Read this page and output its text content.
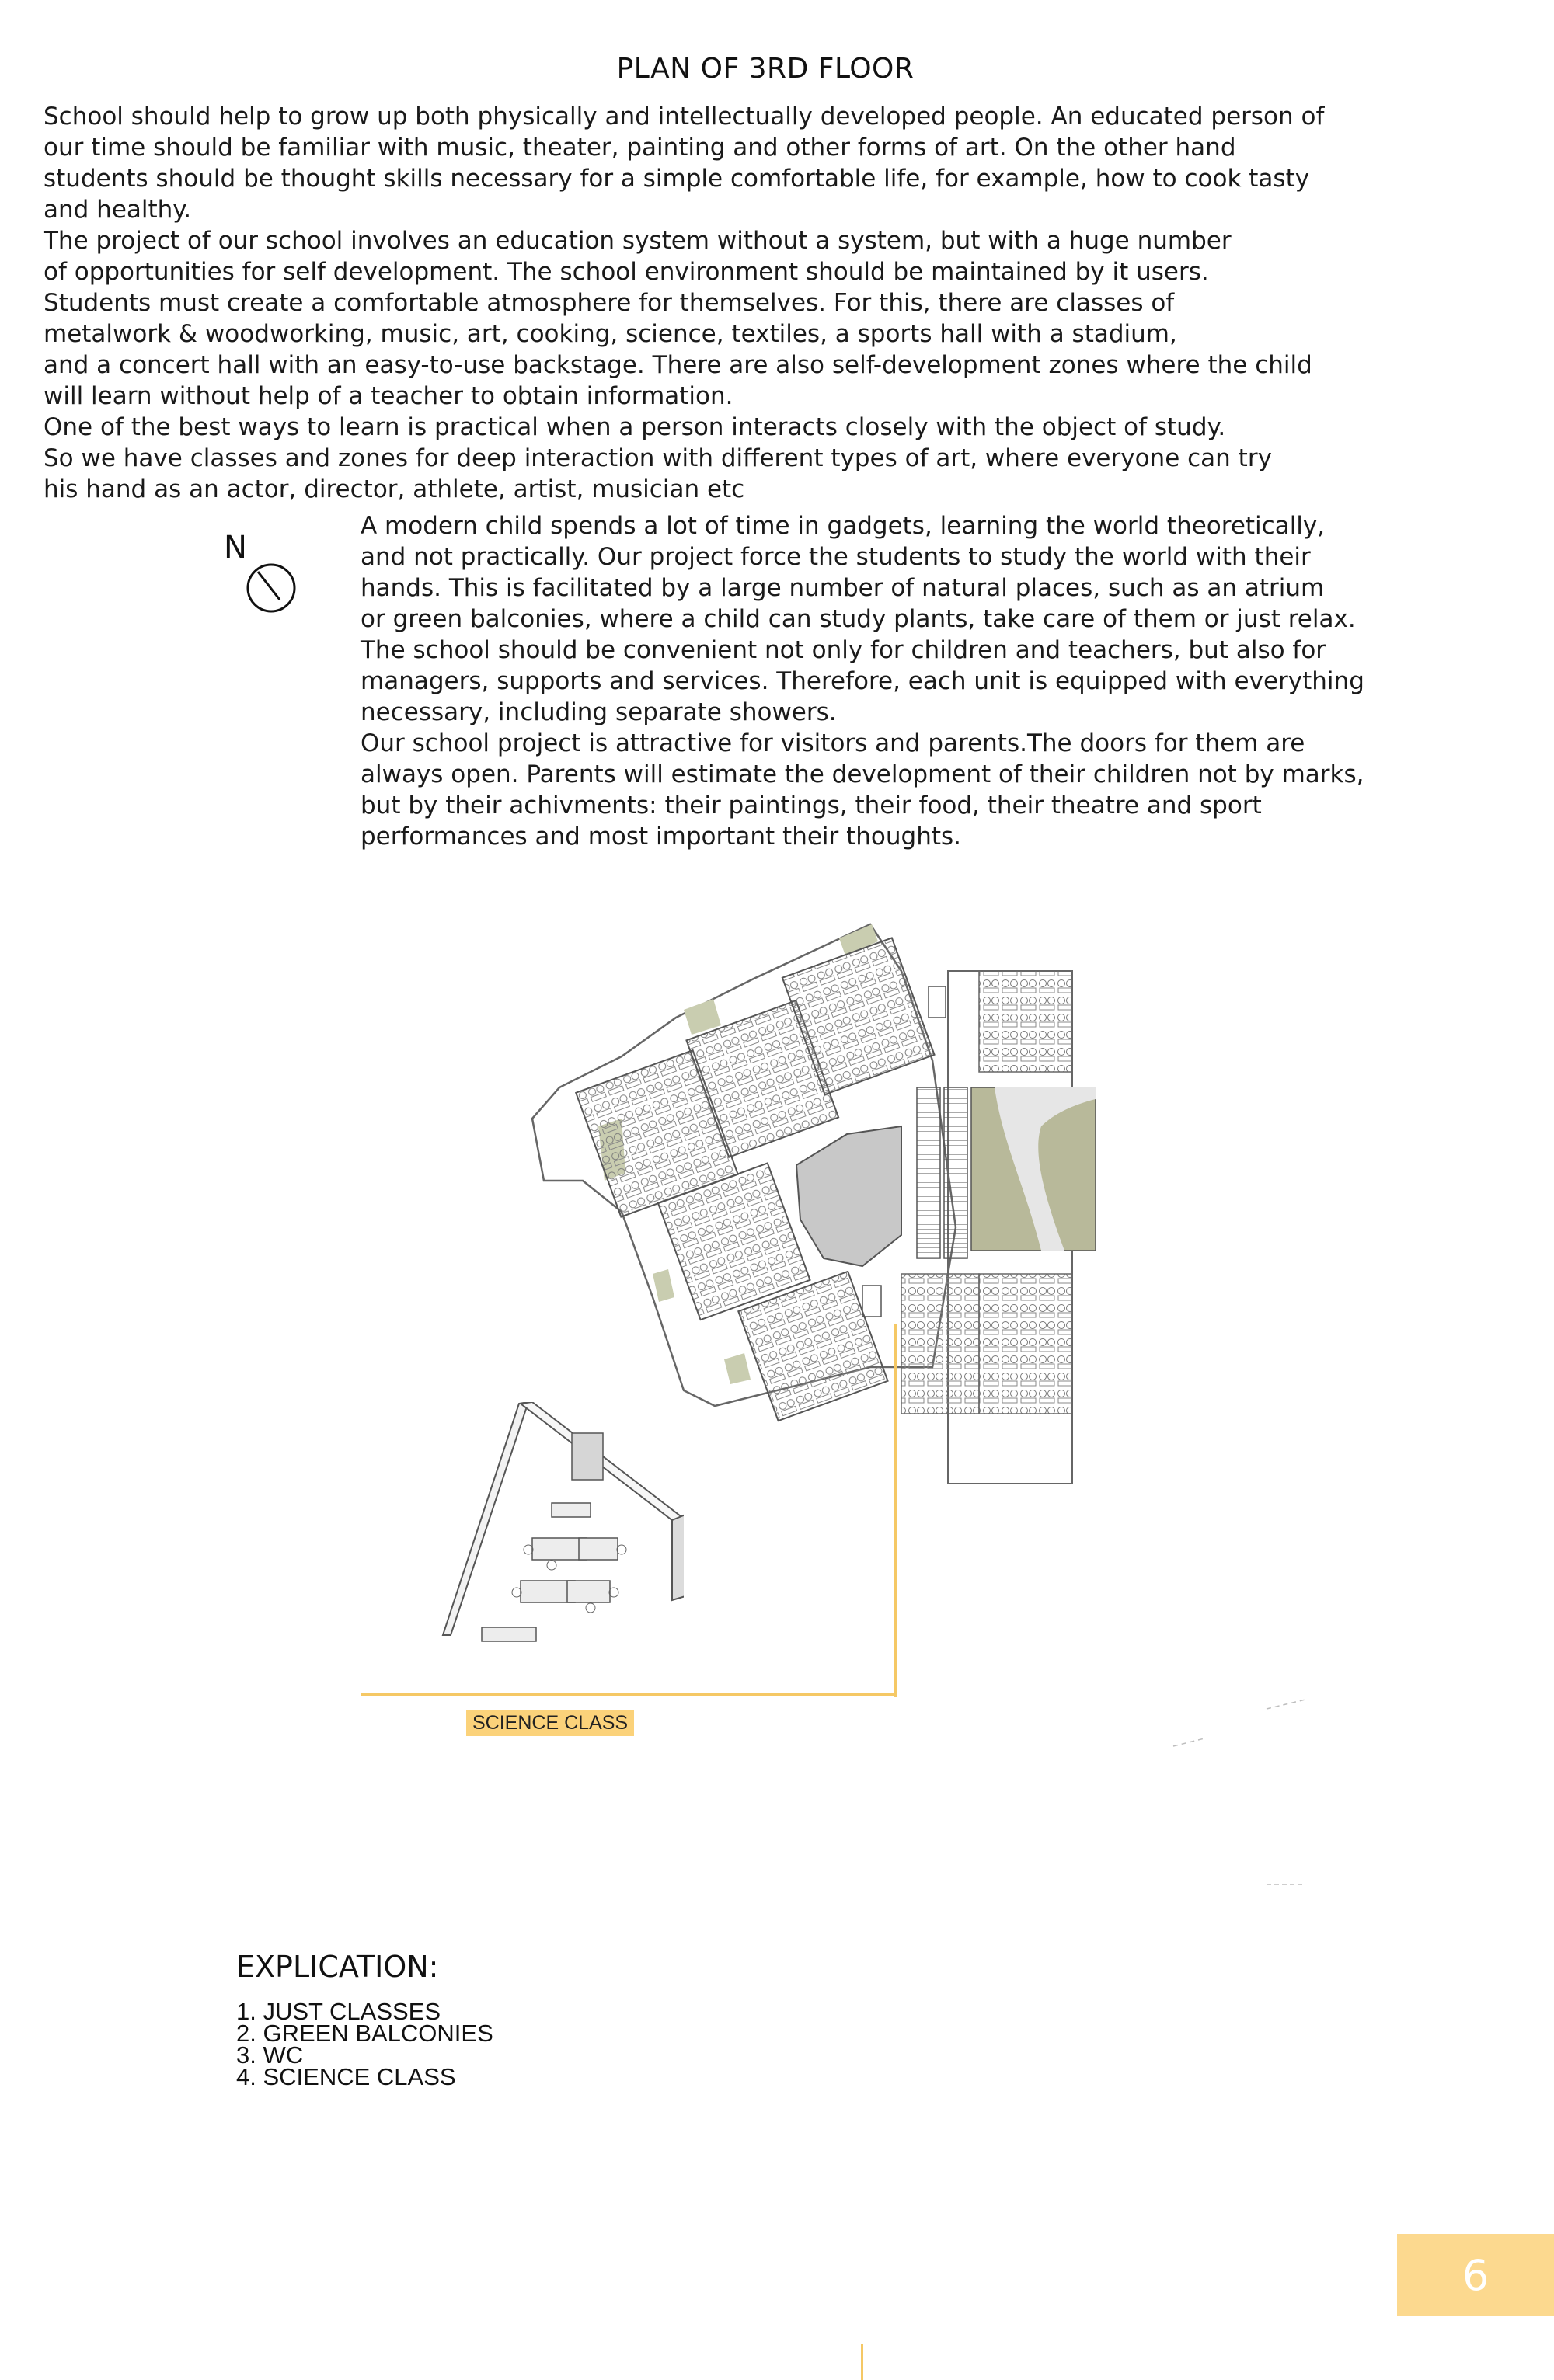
PLAN OF 3RD FLOOR
School should help to grow up both physically and intellectually developed people. An educated person of
our time should be familiar with music, theater, painting and other forms of art. On the other hand
students should be thought skills necessary for a simple comfortable life, for example, how to cook tasty
and healthy.
The project of our school involves an education system without a system, but with a huge number
of opportunities for self development. The school environment should be maintained by it users.
Students must create a comfortable atmosphere for themselves. For this, there are classes of
metalwork & woodworking, music, art, cooking, science, textiles, a sports hall with a stadium,
and a concert hall with an easy-to-use backstage. There are also self-development zones where the child
will learn without help of a teacher to obtain information.
One of the best ways to learn is practical when a person interacts closely with the object of study.
So we have classes and zones for deep interaction with different types of art, where everyone can try
his hand as an actor, director, athlete, artist, musician etc
N
A modern child spends a lot of time in gadgets, learning the world theoretically,
and not practically. Our project force the students to study the world with their
hands. This is facilitated by a large number of natural places, such as an atrium
or green balconies, where a child can study plants, take care of them or just relax.
The school should be convenient not only for children and teachers, but also for
managers, supports and services. Therefore, each unit is equipped with everything
necessary, including separate showers.
Our school project is attractive for visitors and parents.The doors for them are
always open. Parents will estimate the development of their children not by marks,
but by their achivments: their paintings, their food, their theatre and sport
performances and most important their thoughts.
SCIENCE CLASS
EXPLICATION:
1. JUST CLASSES
2. GREEN BALCONIES
3. WC
4. SCIENCE CLASS
6
